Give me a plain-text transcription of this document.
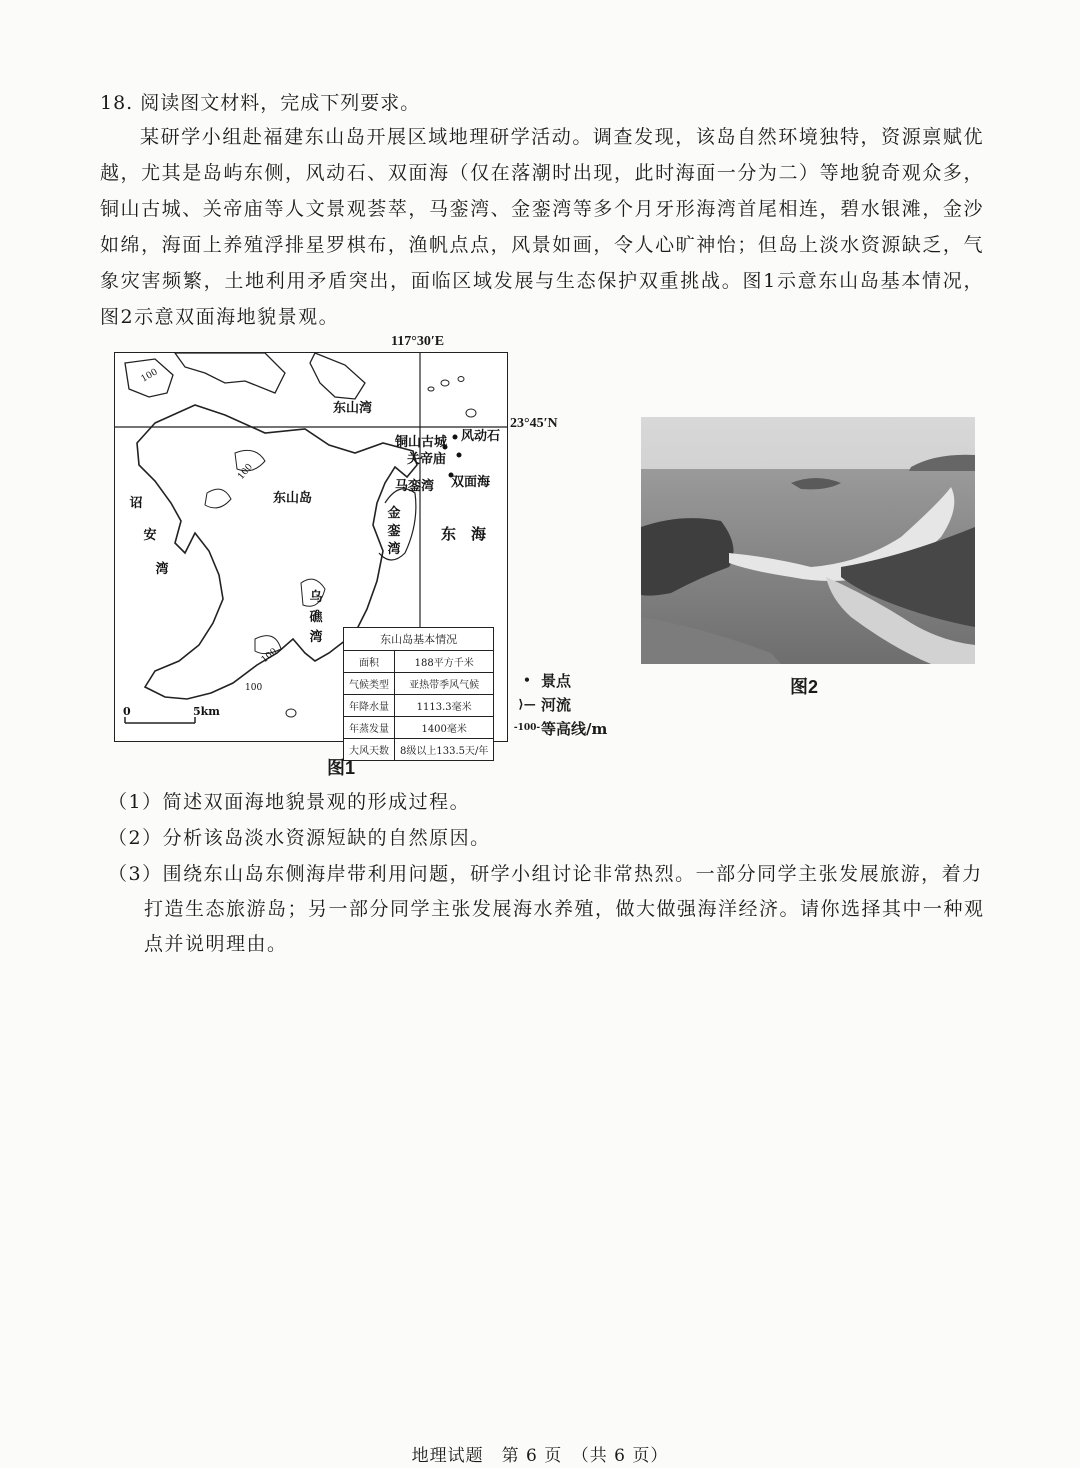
18. 阅读图文材料，完成下列要求。
某研学小组赴福建东山岛开展区域地理研学活动。调查发现，该岛自然环境独特，资源禀赋优越，尤其是岛屿东侧，风动石、双面海（仅在落潮时出现，此时海面一分为二）等地貌奇观众多，铜山古城、关帝庙等人文景观荟萃，马銮湾、金銮湾等多个月牙形海湾首尾相连，碧水银滩，金沙如绵，海面上养殖浮排星罗棋布，渔帆点点，风景如画，令人心旷神怡；但岛上淡水资源缺乏，气象灾害频繁，土地利用矛盾突出，面临区域发展与生态保护双重挑战。图1示意东山岛基本情况，图2示意双面海地貌景观。
117°30′E
23°45′N
东山湾
东山岛
诏
安
湾
铜山古城
关帝庙
风动石
马銮湾 双面海
金
銮
湾
东　海
乌
礁
湾
100
100
100
100
0	5km
东山岛基本情况	
面积	188平方千米
气候类型	亚热带季风气候
年降水量	1113.3毫米
年蒸发量	1400毫米
大风天数	8级以上133.5天/年
• 景点
⟩— 河流
-100- 等高线/m
图1
图2
（1）简述双面海地貌景观的形成过程。
（2）分析该岛淡水资源短缺的自然原因。
（3）围绕东山岛东侧海岸带利用问题，研学小组讨论非常热烈。一部分同学主张发展旅游，着力打造生态旅游岛；另一部分同学主张发展海水养殖，做大做强海洋经济。请你选择其中一种观点并说明理由。
地理试题　第 6 页　（共 6 页）
